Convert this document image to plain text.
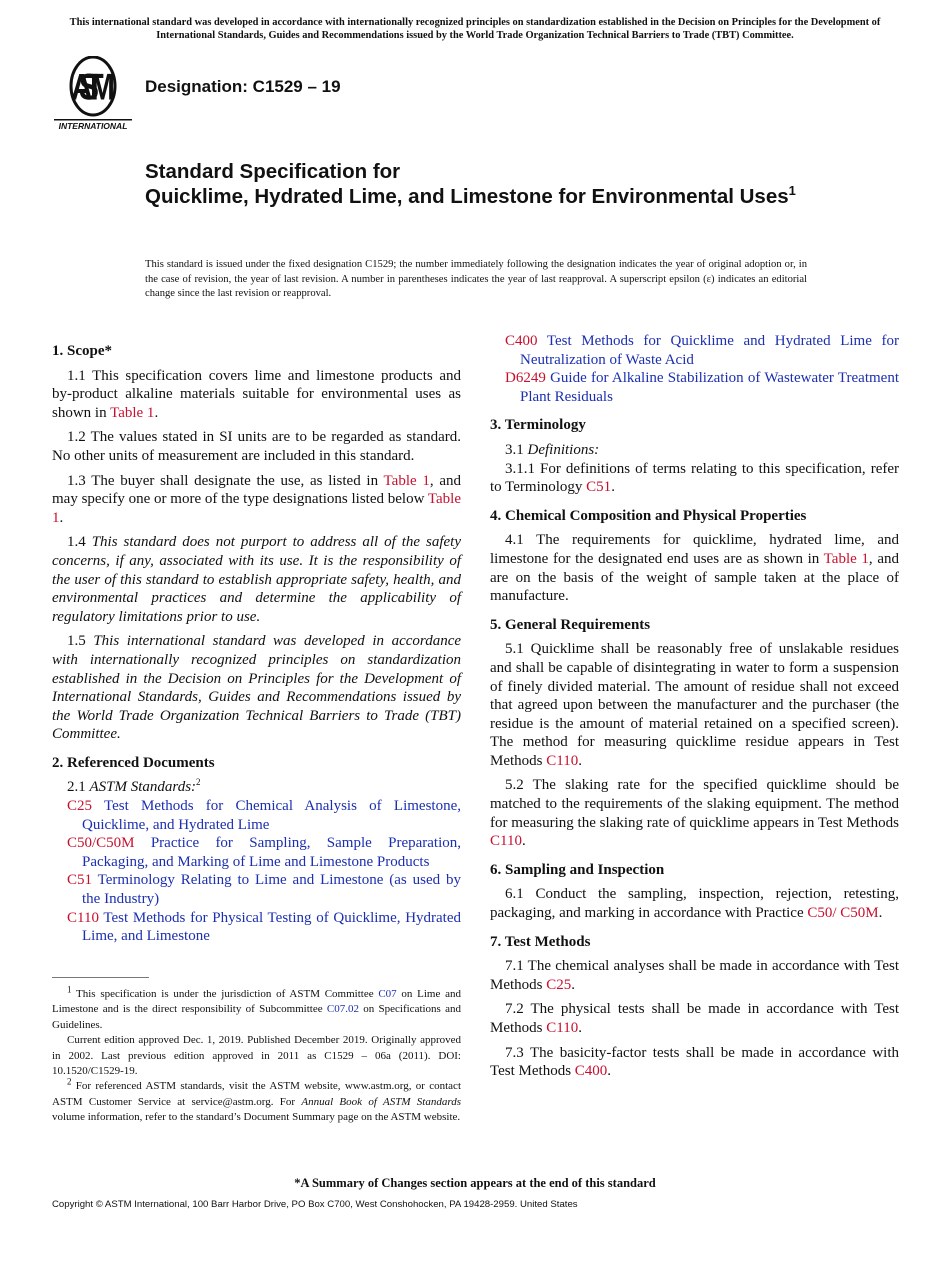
This international standard was developed in accordance with internationally recognized principles on standardization established in the Decision on Principles for the Development of International Standards, Guides and Recommendations issued by the World Trade Organization Technical Barriers to Trade (TBT) Committee.
ASTM
INTERNATIONAL
Designation: C1529 – 19
Standard Specification for
Quicklime, Hydrated Lime, and Limestone for Environmental Uses$^1$
This standard is issued under the fixed designation C1529; the number immediately following the designation indicates the year of original adoption or, in the case of revision, the year of last revision. A number in parentheses indicates the year of last reapproval. A superscript epsilon (ε) indicates an editorial change since the last revision or reapproval.
1. Scope*
1.1 This specification covers lime and limestone products and by-product alkaline materials suitable for environmental uses as shown in Table 1.
1.2 The values stated in SI units are to be regarded as standard. No other units of measurement are included in this standard.
1.3 The buyer shall designate the use, as listed in Table 1, and may specify one or more of the type designations listed below Table 1.
1.4 This standard does not purport to address all of the safety concerns, if any, associated with its use. It is the responsibility of the user of this standard to establish appropriate safety, health, and environmental practices and determine the applicability of regulatory limitations prior to use.
1.5 This international standard was developed in accordance with internationally recognized principles on standardization established in the Decision on Principles for the Development of International Standards, Guides and Recommendations issued by the World Trade Organization Technical Barriers to Trade (TBT) Committee.
2. Referenced Documents
2.1 ASTM Standards:$^2$
C25 Test Methods for Chemical Analysis of Limestone, Quicklime, and Hydrated Lime
C50/C50M Practice for Sampling, Sample Preparation, Packaging, and Marking of Lime and Limestone Products
C51 Terminology Relating to Lime and Limestone (as used by the Industry)
C110 Test Methods for Physical Testing of Quicklime, Hydrated Lime, and Limestone
C400 Test Methods for Quicklime and Hydrated Lime for Neutralization of Waste Acid
D6249 Guide for Alkaline Stabilization of Wastewater Treatment Plant Residuals
3. Terminology
3.1 Definitions:
3.1.1 For definitions of terms relating to this specification, refer to Terminology C51.
4. Chemical Composition and Physical Properties
4.1 The requirements for quicklime, hydrated lime, and limestone for the designated end uses are as shown in Table 1, and are on the basis of the weight of sample taken at the place of manufacture.
5. General Requirements
5.1 Quicklime shall be reasonably free of unslakable residues and shall be capable of disintegrating in water to form a suspension of finely divided material. The amount of residue shall not exceed that agreed upon between the manufacturer and the purchaser (the residue is the amount of material retained on a specified screen). The method for measuring quicklime residue appears in Test Methods C110.
5.2 The slaking rate for the specified quicklime should be matched to the requirements of the slaking equipment. The method for measuring the slaking rate of quicklime appears in Test Methods C110.
6. Sampling and Inspection
6.1 Conduct the sampling, inspection, rejection, retesting, packaging, and marking in accordance with Practice C50/ C50M.
7. Test Methods
7.1 The chemical analyses shall be made in accordance with Test Methods C25.
7.2 The physical tests shall be made in accordance with Test Methods C110.
7.3 The basicity-factor tests shall be made in accordance with Test Methods C400.

$^1$ This specification is under the jurisdiction of ASTM Committee C07 on Lime and Limestone and is the direct responsibility of Subcommittee C07.02 on Specifications and Guidelines.

Current edition approved Dec. 1, 2019. Published December 2019. Originally approved in 2002. Last previous edition approved in 2011 as C1529 – 06a (2011). DOI: 10.1520/C1529-19.

$^2$ For referenced ASTM standards, visit the ASTM website, www.astm.org, or contact ASTM Customer Service at service@astm.org. For Annual Book of ASTM Standards volume information, refer to the standard’s Document Summary page on the ASTM website.

*A Summary of Changes section appears at the end of this standard
Copyright © ASTM International, 100 Barr Harbor Drive, PO Box C700, West Conshohocken, PA 19428-2959. United States
